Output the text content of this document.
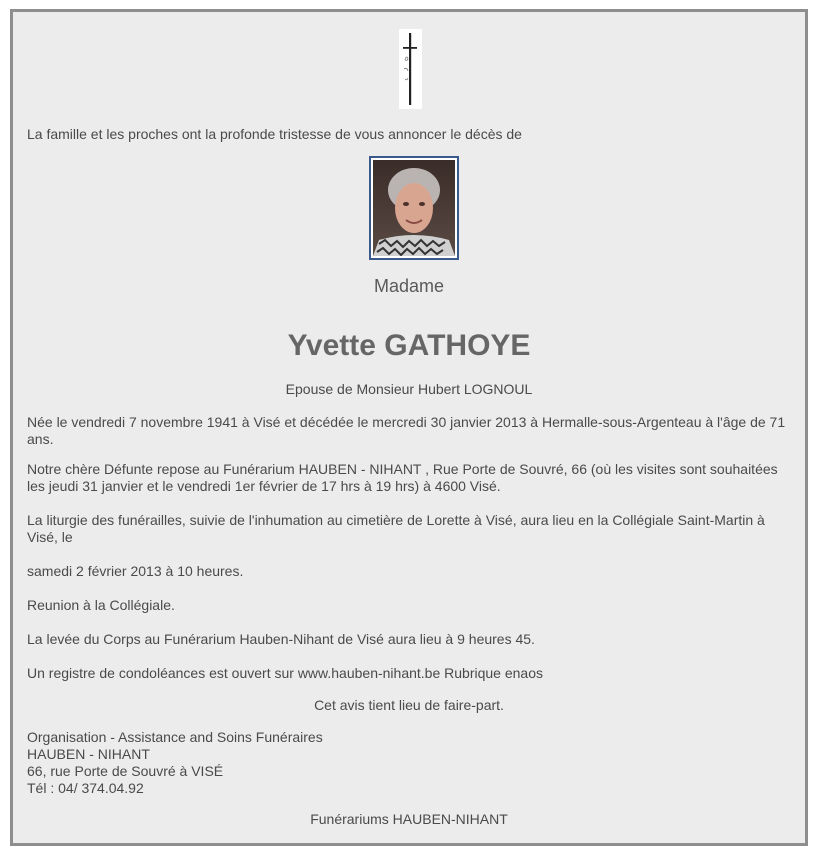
La famille et les proches ont la profonde tristesse de vous annoncer le décès de

Madame

Yvette GATHOYE

Epouse de Monsieur Hubert LOGNOUL

Née le vendredi 7 novembre 1941 à Visé et décédée le mercredi 30 janvier 2013 à Hermalle-sous-Argenteau à l'âge de 71 ans.

Notre chère Défunte repose au Funérarium HAUBEN - NIHANT , Rue Porte de Souvré, 66 (où les visites sont souhaitées les jeudi 31 janvier et le vendredi 1er février de 17 hrs à 19 hrs) à 4600 Visé.

La liturgie des funérailles, suivie de l'inhumation au cimetière de Lorette à Visé, aura lieu en la Collégiale Saint-Martin à Visé, le

samedi 2 février 2013 à 10 heures.

Reunion à la Collégiale.

La levée du Corps au Funérarium Hauben-Nihant de Visé aura lieu à 9 heures 45.

Un registre de condoléances est ouvert sur www.hauben-nihant.be Rubrique enaos

Cet avis tient lieu de faire-part.

Organisation - Assistance and Soins Funéraires

HAUBEN - NIHANT

66, rue Porte de Souvré à VISÉ

Tél : 04/ 374.04.92

Funérariums HAUBEN-NIHANT
